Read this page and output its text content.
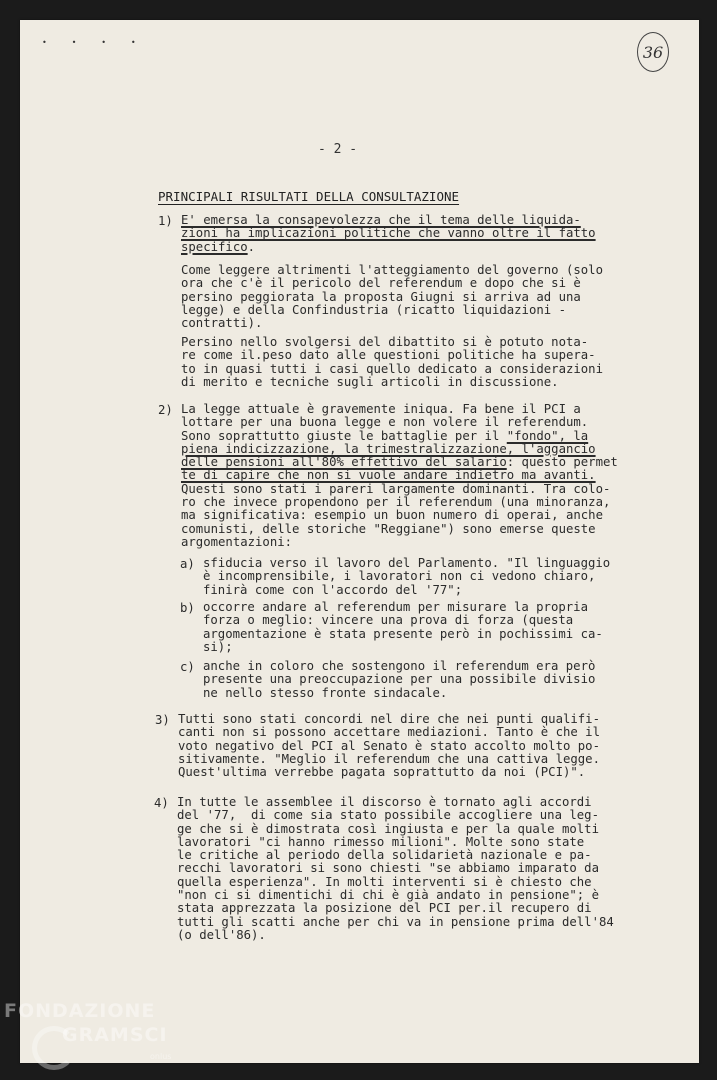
• • • •	36
- 2 -
PRINCIPALI RISULTATI DELLA CONSULTAZIONE
1) E' emersa la consapevolezza che il tema delle liquida-
zioni ha implicazioni politiche che vanno oltre il fatto
specifico.
Come leggere altrimenti l'atteggiamento del governo (solo
ora che c'è il pericolo del referendum e dopo che si è
persino peggiorata la proposta Giugni si arriva ad una
legge) e della Confindustria (ricatto liquidazioni -
contratti).
Persino nello svolgersi del dibattito si è potuto nota-
re come il.peso dato alle questioni politiche ha supera-
to in quasi tutti i casi quello dedicato a considerazioni
di merito e tecniche sugli articoli in discussione.
2) La legge attuale è gravemente iniqua. Fa bene il PCI a
lottare per una buona legge e non volere il referendum.
Sono soprattutto giuste le battaglie per il "fondo", la
piena indicizzazione, la trimestralizzazione, l'aggancio
delle pensioni all'80% effettivo del salario: questo permet
te di capire che non si vuole andare indietro ma avanti.
Questi sono stati i pareri largamente dominanti. Tra colo-
ro che invece propendono per il referendum (una minoranza,
ma significativa: esempio un buon numero di operai, anche
comunisti, delle storiche "Reggiane") sono emerse queste
argomentazioni:
a) sfiducia verso il lavoro del Parlamento. "Il linguaggio
è incomprensibile, i lavoratori non ci vedono chiaro,
finirà come con l'accordo del '77";
b) occorre andare al referendum per misurare la propria
forza o meglio: vincere una prova di forza (questa
argomentazione è stata presente però in pochissimi ca-
si);
c) anche in coloro che sostengono il referendum era però
presente una preoccupazione per una possibile divisio
ne nello stesso fronte sindacale.
3) Tutti sono stati concordi nel dire che nei punti qualifi-
canti non si possono accettare mediazioni. Tanto è che il
voto negativo del PCI al Senato è stato accolto molto po-
sitivamente. "Meglio il referendum che una cattiva legge.
Quest'ultima verrebbe pagata soprattutto da noi (PCI)".
4) In tutte le assemblee il discorso è tornato agli accordi
del '77,  di come sia stato possibile accogliere una leg-
ge che si è dimostrata così ingiusta e per la quale molti
lavoratori "ci hanno rimesso milioni". Molte sono state
le critiche al periodo della solidarietà nazionale e pa-
recchi lavoratori si sono chiesti "se abbiamo imparato da
quella esperienza". In molti interventi si è chiesto che
"non ci si dimentichi di chi è già andato in pensione"; è
stata apprezzata la posizione del PCI per.il recupero di
tutti gli scatti anche per chi va in pensione prima dell'84
(o dell'86).
FONDAZIONE
GRAMSCI
onlus
